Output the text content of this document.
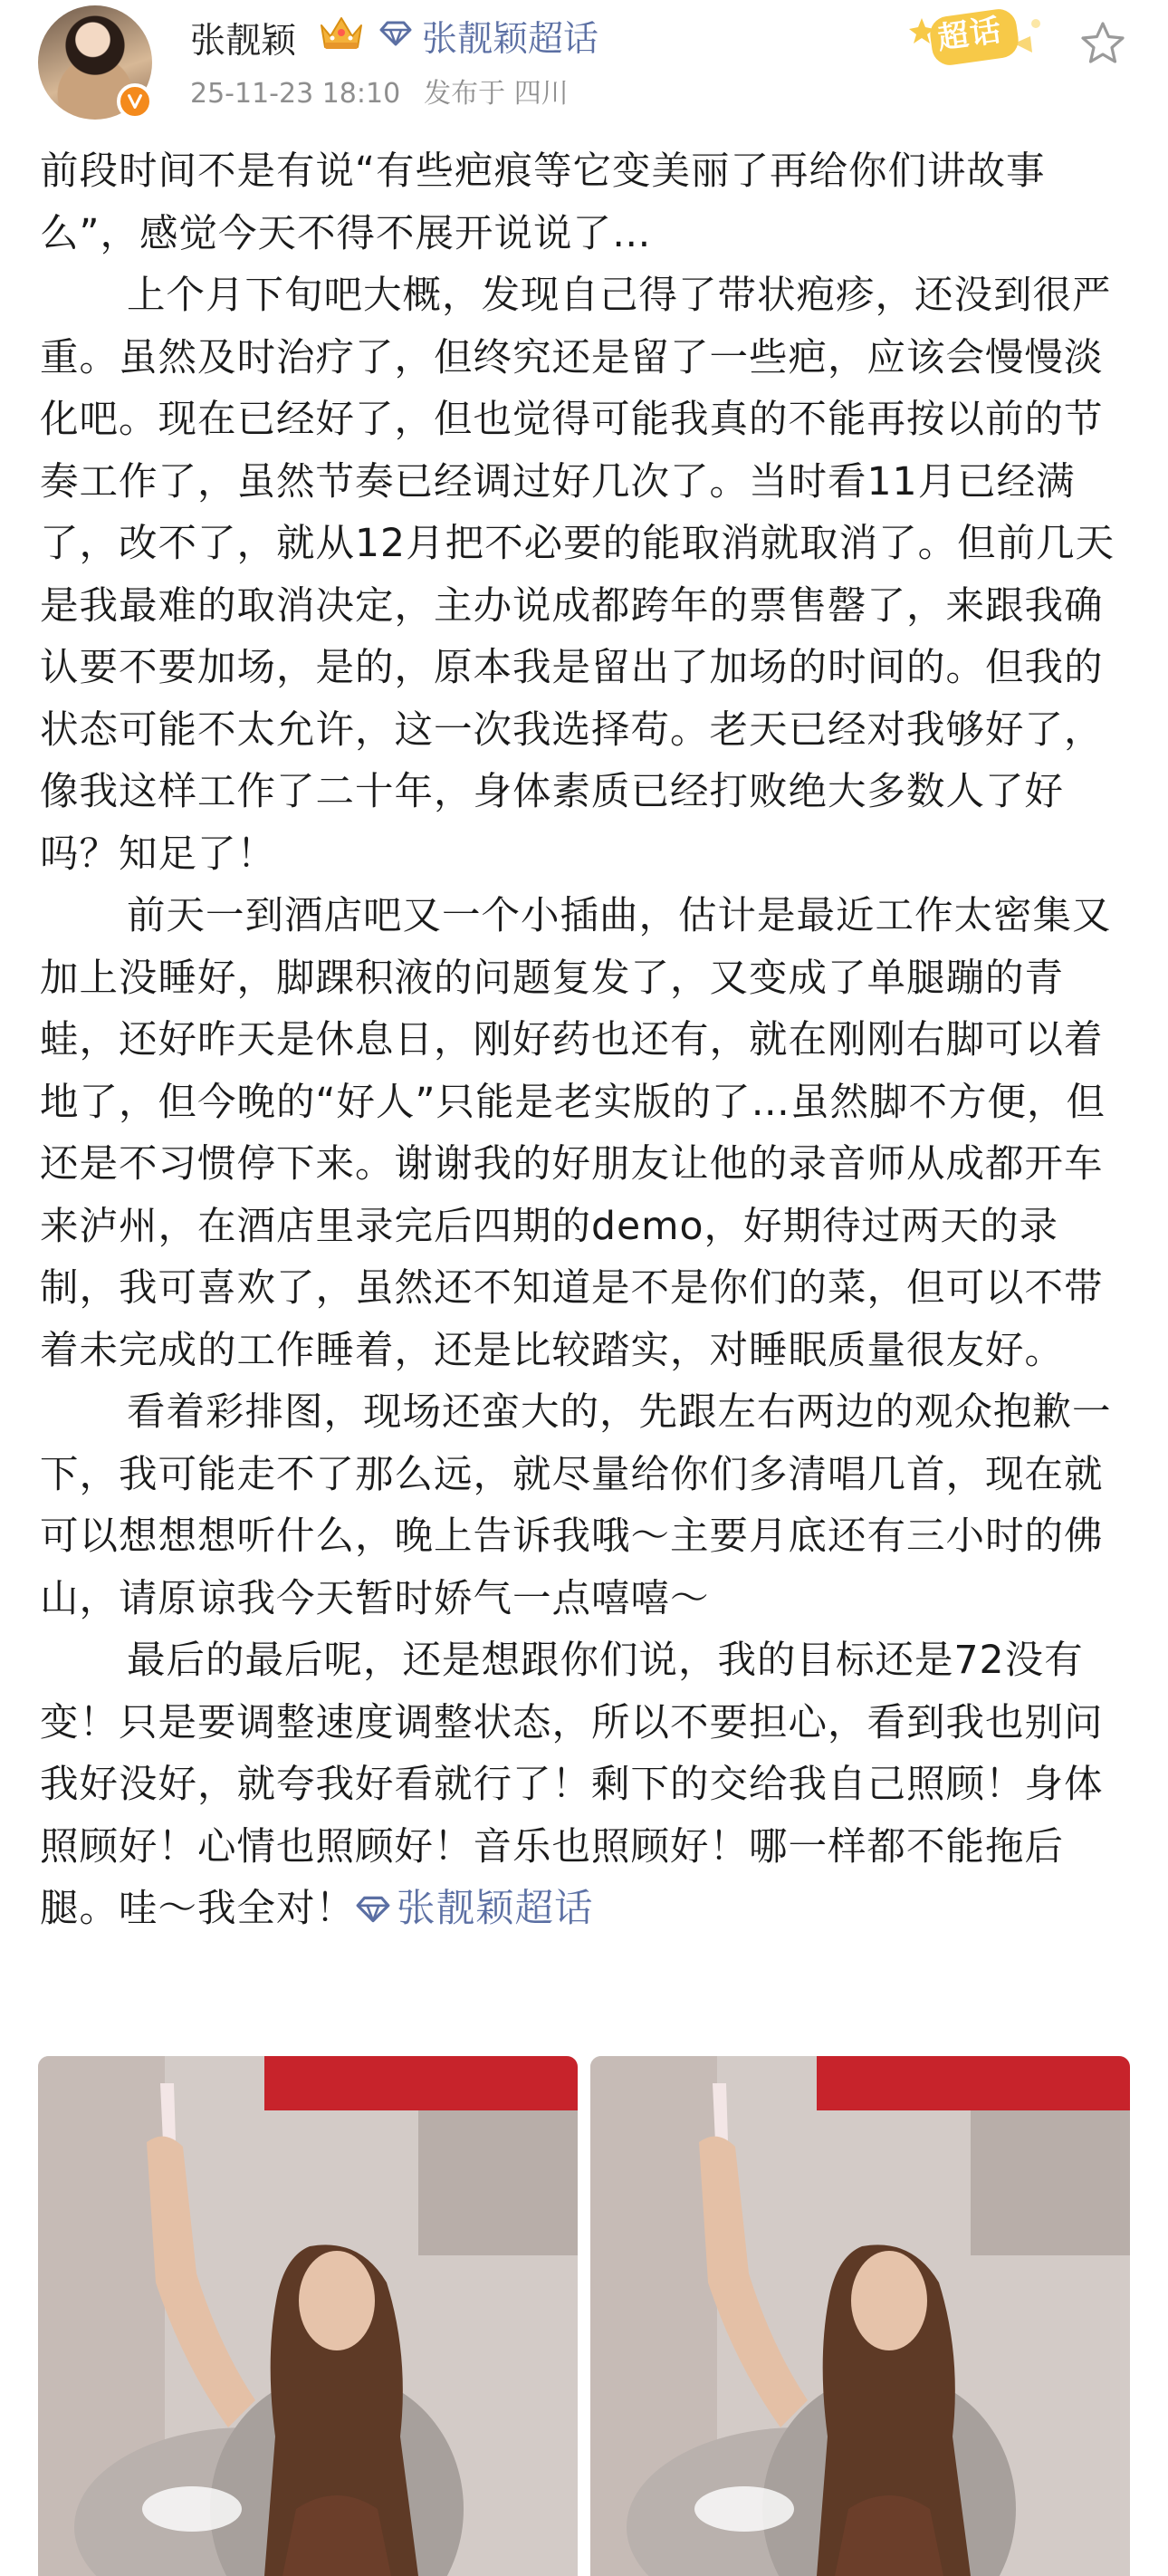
张靓颖	张靓颖超话
25-11-23 18:10 发布于 四川
超话

前段时间不是有说“有些疤痕等它变美丽了再给你们讲故事么”，感觉今天不得不展开说说了…

上个月下旬吧大概，发现自己得了带状疱疹，还没到很严重。虽然及时治疗了，但终究还是留了一些疤，应该会慢慢淡化吧。现在已经好了，但也觉得可能我真的不能再按以前的节奏工作了，虽然节奏已经调过好几次了。当时看11月已经满了，改不了，就从12月把不必要的能取消就取消了。但前几天是我最难的取消决定，主办说成都跨年的票售罄了，来跟我确认要不要加场，是的，原本我是留出了加场的时间的。但我的状态可能不太允许，这一次我选择苟。老天已经对我够好了，像我这样工作了二十年，身体素质已经打败绝大多数人了好吗？知足了！

前天一到酒店吧又一个小插曲，估计是最近工作太密集又加上没睡好，脚踝积液的问题复发了，又变成了单腿蹦的青蛙，还好昨天是休息日，刚好药也还有，就在刚刚右脚可以着地了，但今晚的“好人”只能是老实版的了…虽然脚不方便，但还是不习惯停下来。谢谢我的好朋友让他的录音师从成都开车来泸州，在酒店里录完后四期的demo，好期待过两天的录制，我可喜欢了，虽然还不知道是不是你们的菜，但可以不带着未完成的工作睡着，还是比较踏实，对睡眠质量很友好。

看着彩排图，现场还蛮大的，先跟左右两边的观众抱歉一下，我可能走不了那么远，就尽量给你们多清唱几首，现在就可以想想想听什么，晚上告诉我哦～主要月底还有三小时的佛山，请原谅我今天暂时娇气一点嘻嘻～

最后的最后呢，还是想跟你们说，我的目标还是72没有变！只是要调整速度调整状态，所以不要担心，看到我也别问我好没好，就夸我好看就行了！剩下的交给我自己照顾！身体照顾好！心情也照顾好！音乐也照顾好！哪一样都不能拖后腿。哇～我全对！ 张靓颖超话
